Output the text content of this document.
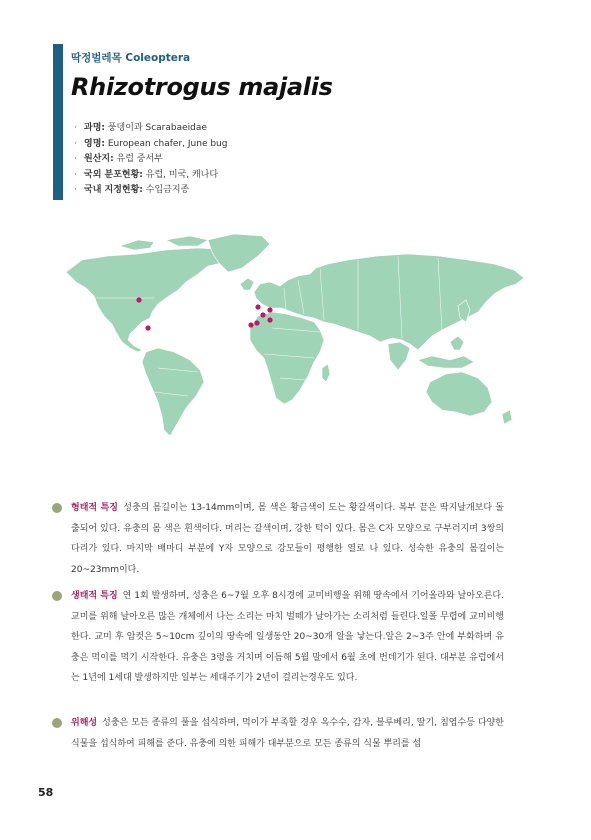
딱정벌레목 Coleoptera
Rhizotrogus majalis
· 과명: 풍뎅이과 Scarabaeidae
· 영명: European chafer, June bug
· 원산지: 유럽 중서부
· 국외 분포현황: 유럽, 미국, 캐나다
· 국내 지정현황: 수입금지종

형태적 특징 성충의 몸길이는 13-14mm이며, 몸 색은 황금색이 도는 황갈색이다. 복부 끝은 딱지날개보다 돌출되어 있다. 유충의 몸 색은 흰색이다. 머리는 갈색이며, 강한 턱이 있다. 몸은 C자 모양으로 구부러지며 3쌍의 다리가 있다. 마지막 배마디 부분에 Y자 모양으로 강모들이 평행한 열로 나 있다. 성숙한 유충의 몸길이는 20~23mm이다.

생태적 특징 연 1회 발생하며, 성충은 6~7월 오후 8시경에 교미비행을 위해 땅속에서 기어올라와 날아오른다. 교미를 위해 날아오른 많은 개체에서 나는 소리는 마치 벌떼가 날아가는 소리처럼 들린다.일몰 무렵에 교미비행한다. 교미 후 암컷은 5~10cm 깊이의 땅속에 일생동안 20~30개 알을 낳는다.알은 2~3주 안에 부화하며 유충은 먹이를 먹기 시작한다. 유충은 3령을 거치며 이듬해 5월 말에서 6월 초에 번데기가 된다. 대부분 유럽에서는 1년에 1세대 발생하지만 일부는 세대주기가 2년이 걸리는경우도 있다.

위해성 성충은 모든 종류의 풀을 섭식하며, 먹이가 부족할 경우 옥수수, 감자, 블루베리, 딸기, 침엽수등 다양한 식물을 섭식하여 피해를 준다. 유충에 의한 피해가 대부분으로 모든 종류의 식물 뿌리를 섭

58
